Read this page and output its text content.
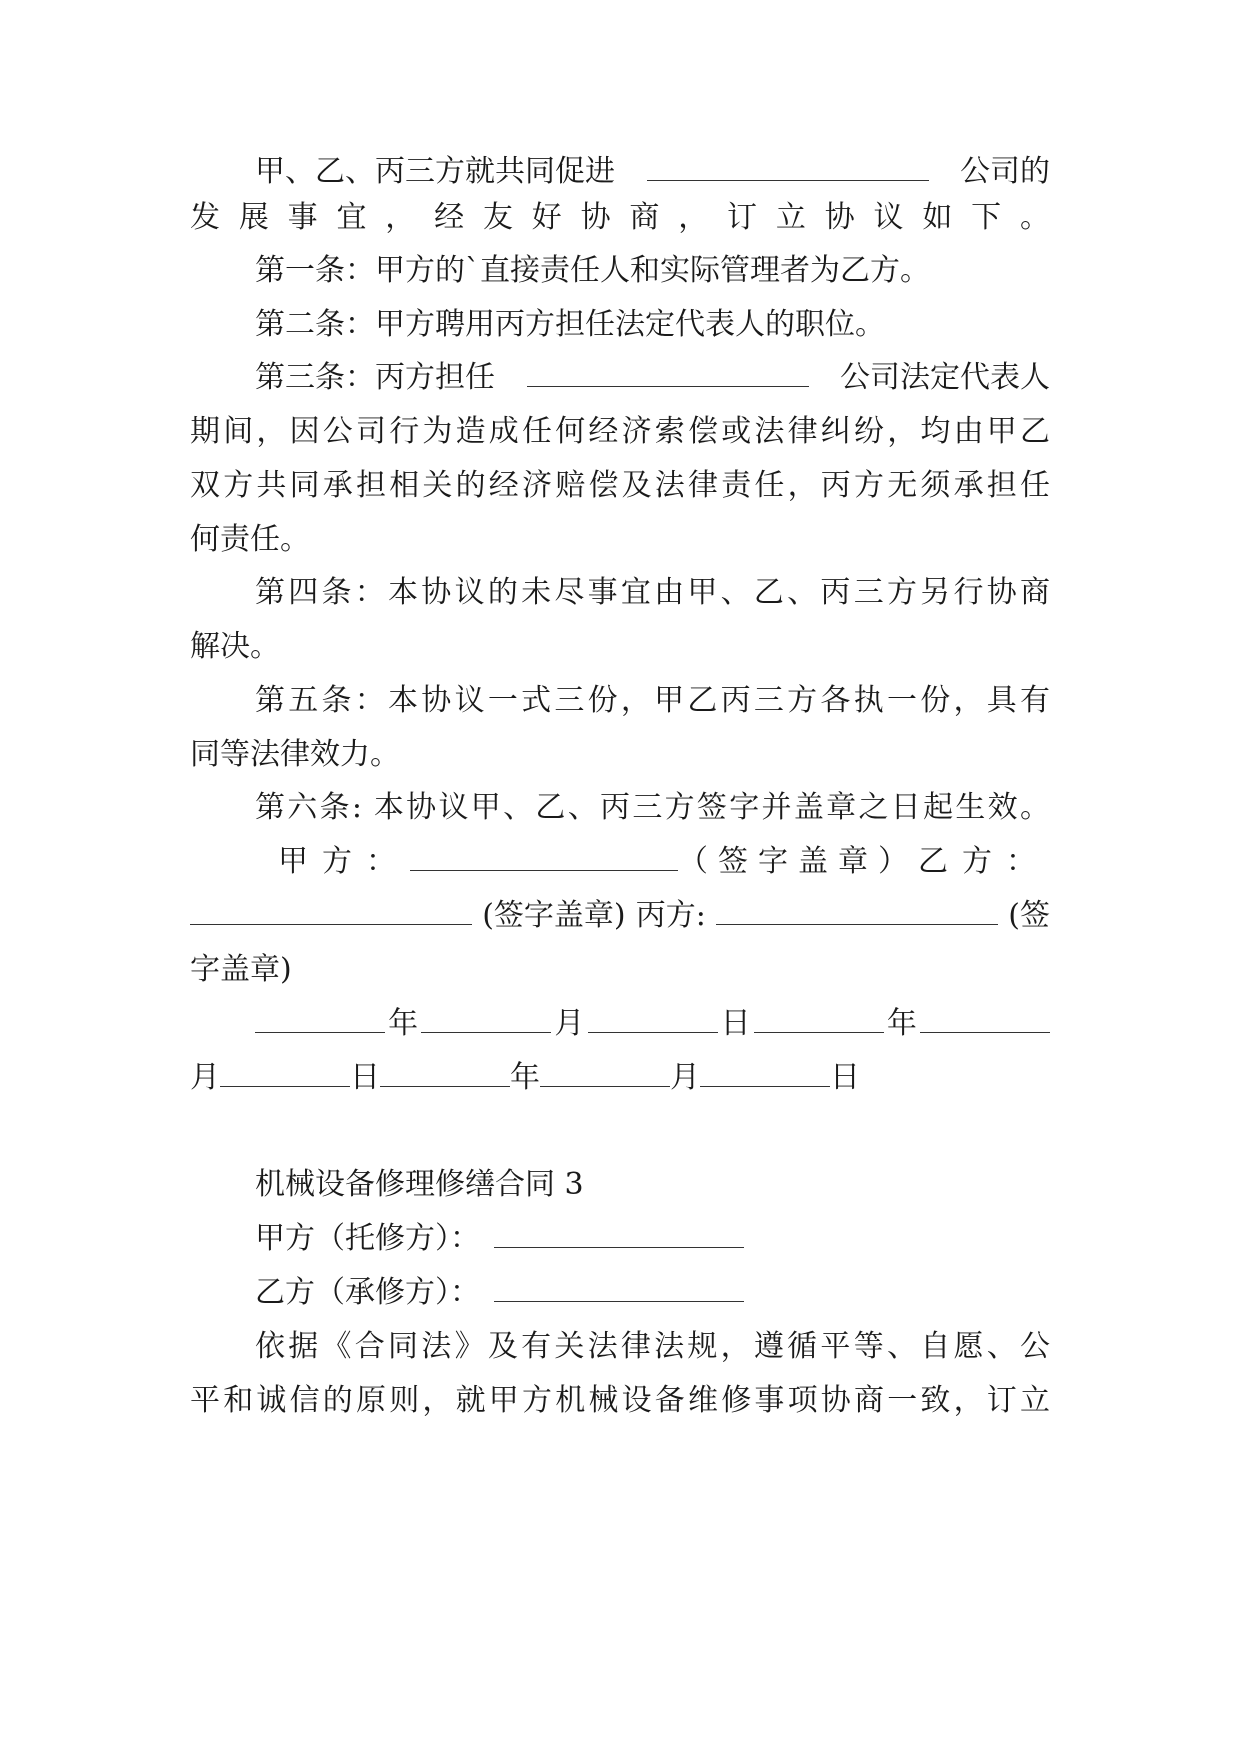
甲、乙、丙三方就共同促进	公司的

发展事宜，经友好协商，订立协议如下。

第一条：甲方的`直接责任人和实际管理者为乙方。

第二条：甲方聘用丙方担任法定代表人的职位。

第三条：丙方担任	公司法定代表人

期间，因公司行为造成任何经济索偿或法律纠纷，均由甲乙

双方共同承担相关的经济赔偿及法律责任，丙方无须承担任

何责任。

第四条：本协议的未尽事宜由甲、乙、丙三方另行协商

解决。

第五条：本协议一式三份，甲乙丙三方各执一份，具有

同等法律效力。

第六条: 本协议甲、乙、丙三方签字并盖章之日起生效。

甲方：	（签字盖章） 乙方：

(签字盖章) 丙方:	(签

字盖章)

年	月	日	年

月	日	年	月	日

机械设备修理修缮合同 3

甲方（托修方）：

乙方（承修方）：

依据《合同法》及有关法律法规，遵循平等、自愿、公

平和诚信的原则，就甲方机械设备维修事项协商一致，订立
